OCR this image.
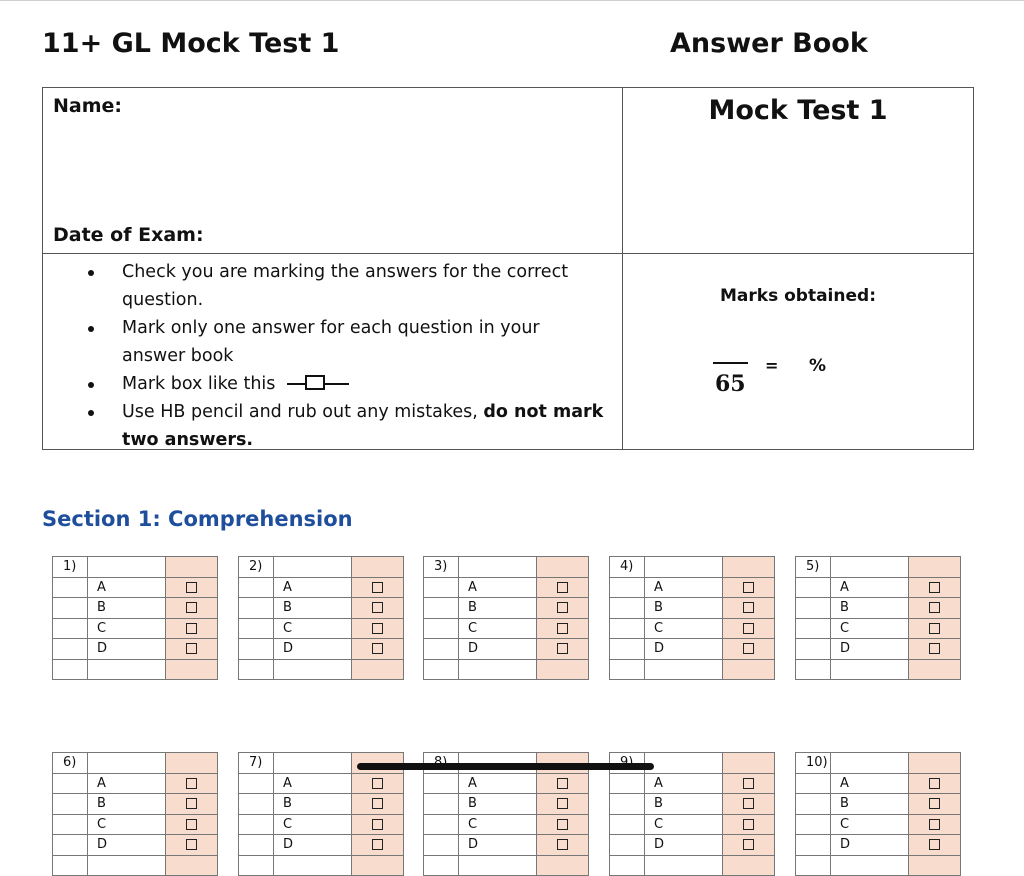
11+ GL Mock Test 1	Answer Book
Name:
Date of Exam:
Mock Test 1
Check you are marking the answers for the correct question.
Mark only one answer for each question in your answer book
Mark box like this
Use HB pencil and rub out any mistakes, do not mark two answers.
Marks obtained:
65
= %
Section 1: Comprehension
1)		
	A	
	B	
	C	
	D	

2)		
	A	
	B	
	C	
	D	

3)		
	A	
	B	
	C	
	D	

4)		
	A	
	B	
	C	
	D	

5)		
	A	
	B	
	C	
	D	

6)		
	A	
	B	
	C	
	D	

7)		
	A	
	B	
	C	
	D	

	A	
	B	
	C	
	D	

	A	
	B	
	C	
	D	

10)		
	A	
	B	
	C	
	D	
